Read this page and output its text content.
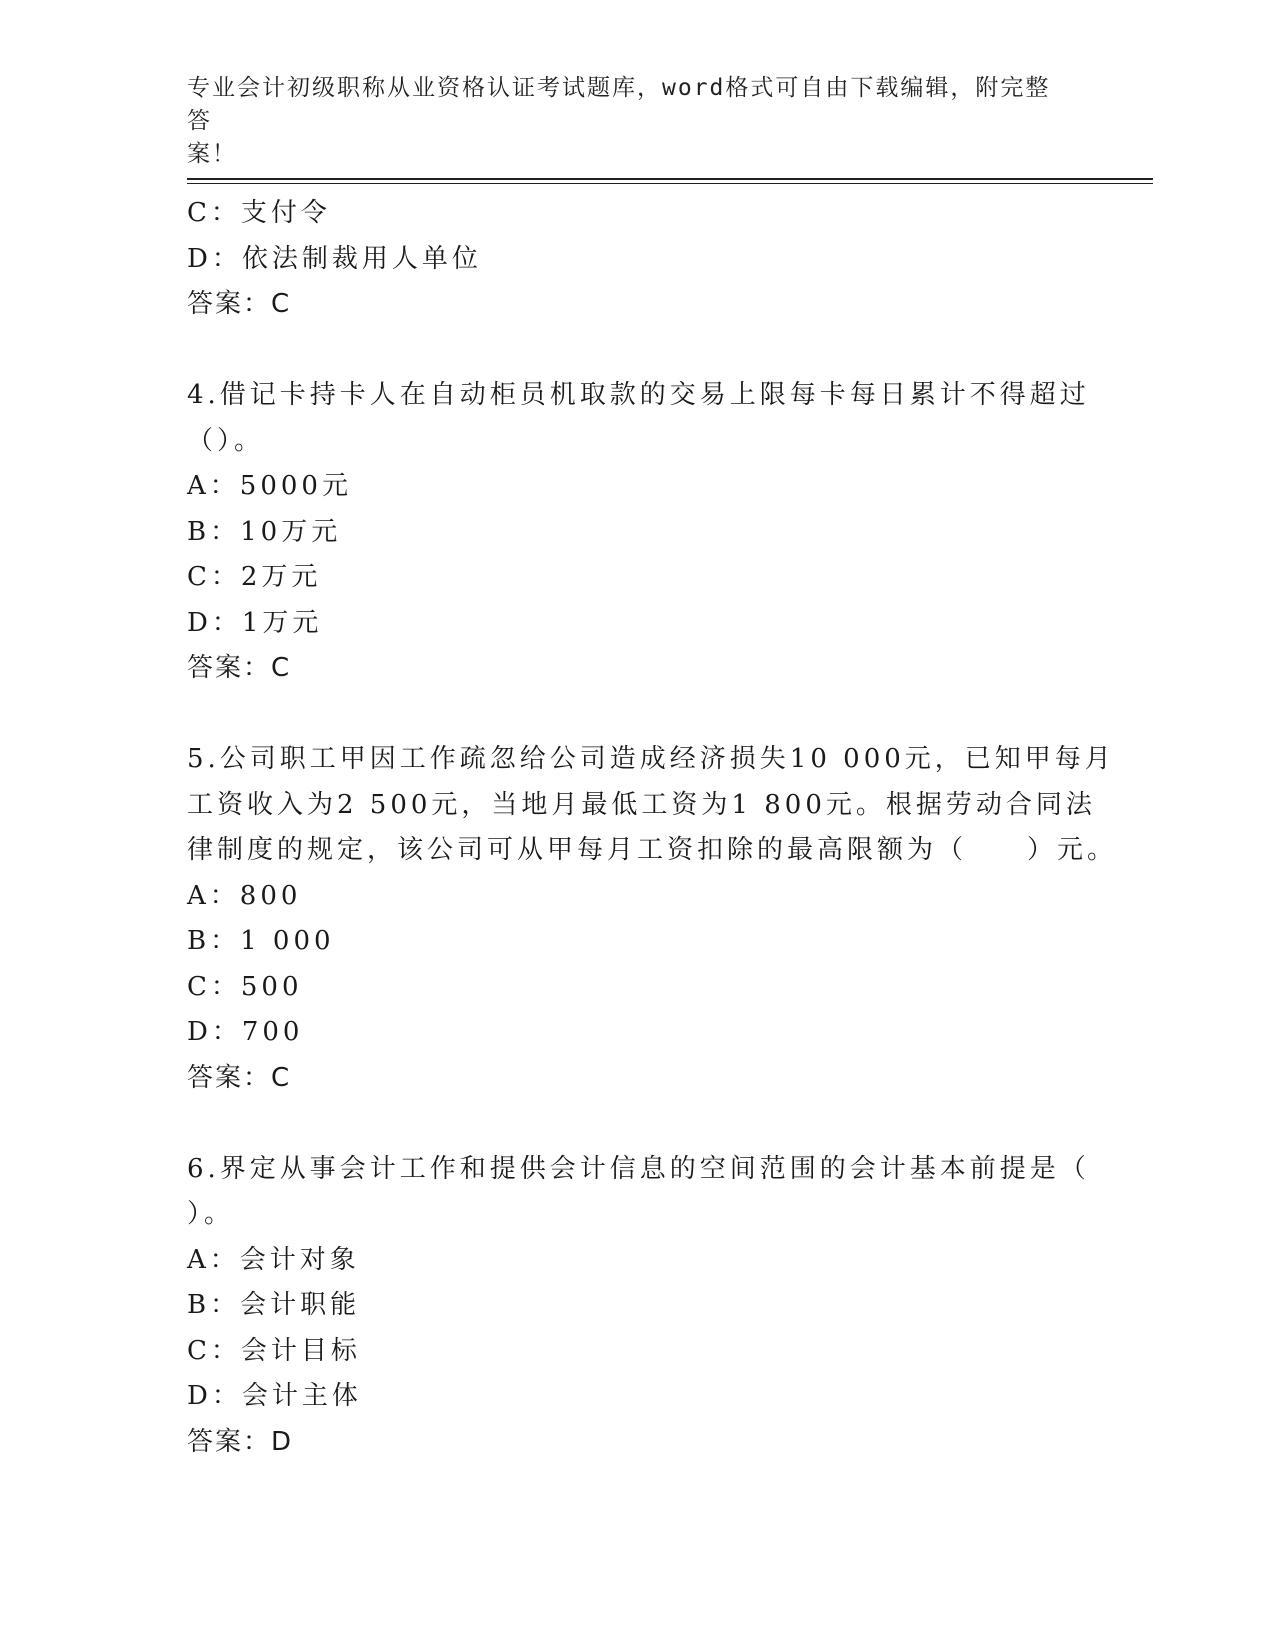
专业会计初级职称从业资格认证考试题库，word格式可自由下载编辑，附完整答
案！
C：支付令
D：依法制裁用人单位
答案：C
4.借记卡持卡人在自动柜员机取款的交易上限每卡每日累计不得超过
（）。
A：5000元
B：10万元
C：2万元
D：1万元
答案：C
5.公司职工甲因工作疏忽给公司造成经济损失10 000元，已知甲每月
工资收入为2 500元，当地月最低工资为1 800元。根据劳动合同法
律制度的规定，该公司可从甲每月工资扣除的最高限额为（　　）元。
A：800
B：1 000
C：500
D：700
答案：C
6.界定从事会计工作和提供会计信息的空间范围的会计基本前提是（
）。
A：会计对象
B：会计职能
C：会计目标
D：会计主体
答案：D
